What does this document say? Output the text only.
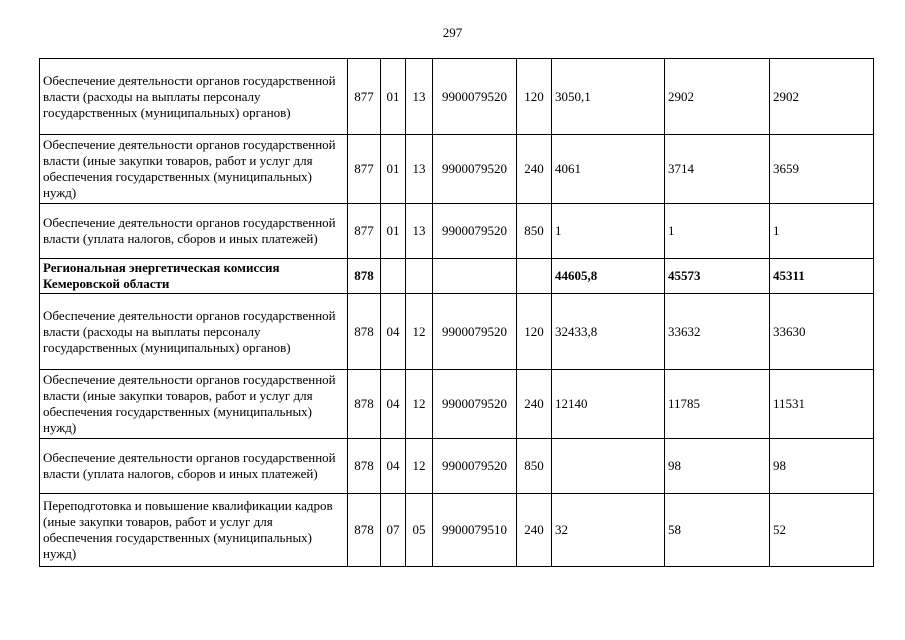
297
Обеспечение деятельности органов государственной власти (расходы на выплаты персоналу государственных (муниципальных) органов)	877	01	13	9900079520	120	3050,1	2902	2902
Обеспечение деятельности органов государственной власти (иные закупки товаров, работ и услуг для обеспечения государственных (муниципальных) нужд)	877	01	13	9900079520	240	4061	3714	3659
Обеспечение деятельности органов государственной власти (уплата налогов, сборов и иных платежей)	877	01	13	9900079520	850	1	1	1
Региональная энергетическая комиссия Кемеровской области	878					44605,8	45573	45311
Обеспечение деятельности органов государственной власти (расходы на выплаты персоналу государственных (муниципальных) органов)	878	04	12	9900079520	120	32433,8	33632	33630
Обеспечение деятельности органов государственной власти (иные закупки товаров, работ и услуг для обеспечения государственных (муниципальных) нужд)	878	04	12	9900079520	240	12140	11785	11531
Обеспечение деятельности органов государственной власти (уплата налогов, сборов и иных платежей)	878	04	12	9900079520	850		98	98
Переподготовка и повышение квалификации кадров (иные закупки товаров, работ и услуг для обеспечения государственных (муниципальных) нужд)	878	07	05	9900079510	240	32	58	52
